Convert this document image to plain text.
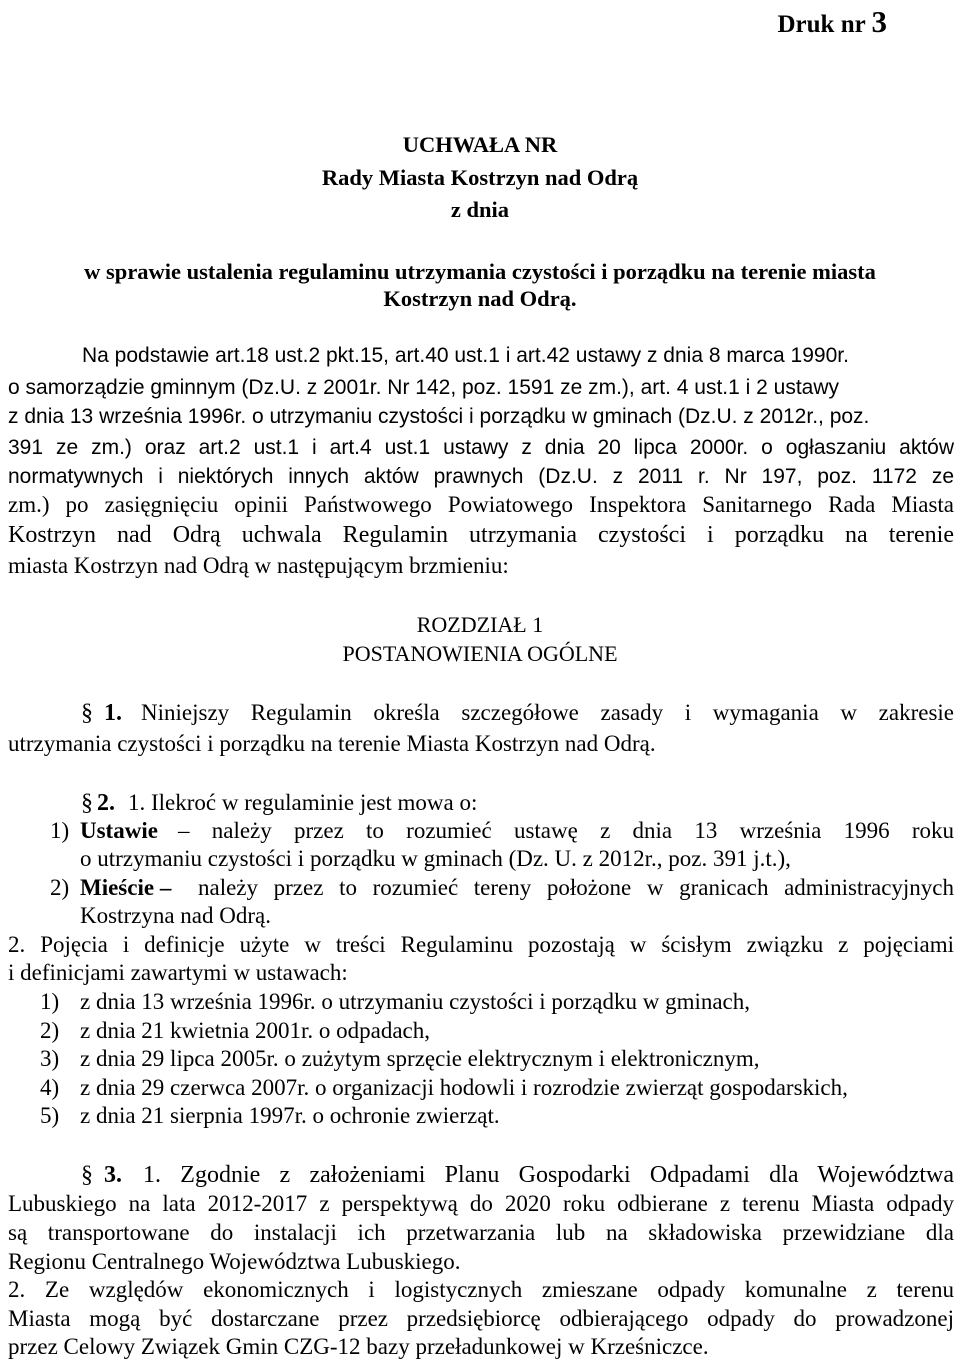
Druk nr 3
UCHWAŁA NR
Rady Miasta Kostrzyn nad Odrą
z dnia
w sprawie ustalenia regulaminu utrzymania czystości i porządku na terenie miasta
Kostrzyn nad Odrą.
Na podstawie art.18 ust.2 pkt.15, art.40 ust.1 i art.42 ustawy z dnia 8 marca 1990r.
o samorządzie gminnym (Dz.U. z 2001r. Nr 142, poz. 1591 ze zm.), art. 4 ust.1 i 2 ustawy
z dnia 13 września 1996r. o utrzymaniu czystości i porządku w gminach (Dz.U. z 2012r., poz.
391 ze zm.) oraz art.2 ust.1 i art.4 ust.1 ustawy z dnia 20 lipca 2000r. o ogłaszaniu aktów
normatywnych i niektórych innych aktów prawnych (Dz.U. z 2011 r. Nr 197, poz. 1172 ze
zm.) po zasięgnięciu opinii Państwowego Powiatowego Inspektora Sanitarnego Rada Miasta
Kostrzyn nad Odrą uchwala Regulamin utrzymania czystości i porządku na terenie
miasta Kostrzyn nad Odrą w następującym brzmieniu:
ROZDZIAŁ 1
POSTANOWIENIA OGÓLNE
§ 1. Niniejszy Regulamin określa szczegółowe zasady i wymagania w zakresie
utrzymania czystości i porządku na terenie Miasta Kostrzyn nad Odrą.
§ 2. 1. Ilekroć w regulaminie jest mowa o:
1) Ustawie – należy przez to rozumieć ustawę z dnia 13 września 1996 roku
o utrzymaniu czystości i porządku w gminach (Dz. U. z 2012r., poz. 391 j.t.),
2) Mieście – należy przez to rozumieć tereny położone w granicach administracyjnych
Kostrzyna nad Odrą.
2. Pojęcia i definicje użyte w treści Regulaminu pozostają w ścisłym związku z pojęciami
i definicjami zawartymi w ustawach:
1) z dnia 13 września 1996r. o utrzymaniu czystości i porządku w gminach,
2) z dnia 21 kwietnia 2001r. o odpadach,
3) z dnia 29 lipca 2005r. o zużytym sprzęcie elektrycznym i elektronicznym,
4) z dnia 29 czerwca 2007r. o organizacji hodowli i rozrodzie zwierząt gospodarskich,
5) z dnia 21 sierpnia 1997r. o ochronie zwierząt.
§ 3. 1. Zgodnie z założeniami Planu Gospodarki Odpadami dla Województwa
Lubuskiego na lata 2012-2017 z perspektywą do 2020 roku odbierane z terenu Miasta odpady
są transportowane do instalacji ich przetwarzania lub na składowiska przewidziane dla
Regionu Centralnego Województwa Lubuskiego.
2. Ze względów ekonomicznych i logistycznych zmieszane odpady komunalne z terenu
Miasta mogą być dostarczane przez przedsiębiorcę odbierającego odpady do prowadzonej
przez Celowy Związek Gmin CZG-12 bazy przeładunkowej w Krześniczce.
